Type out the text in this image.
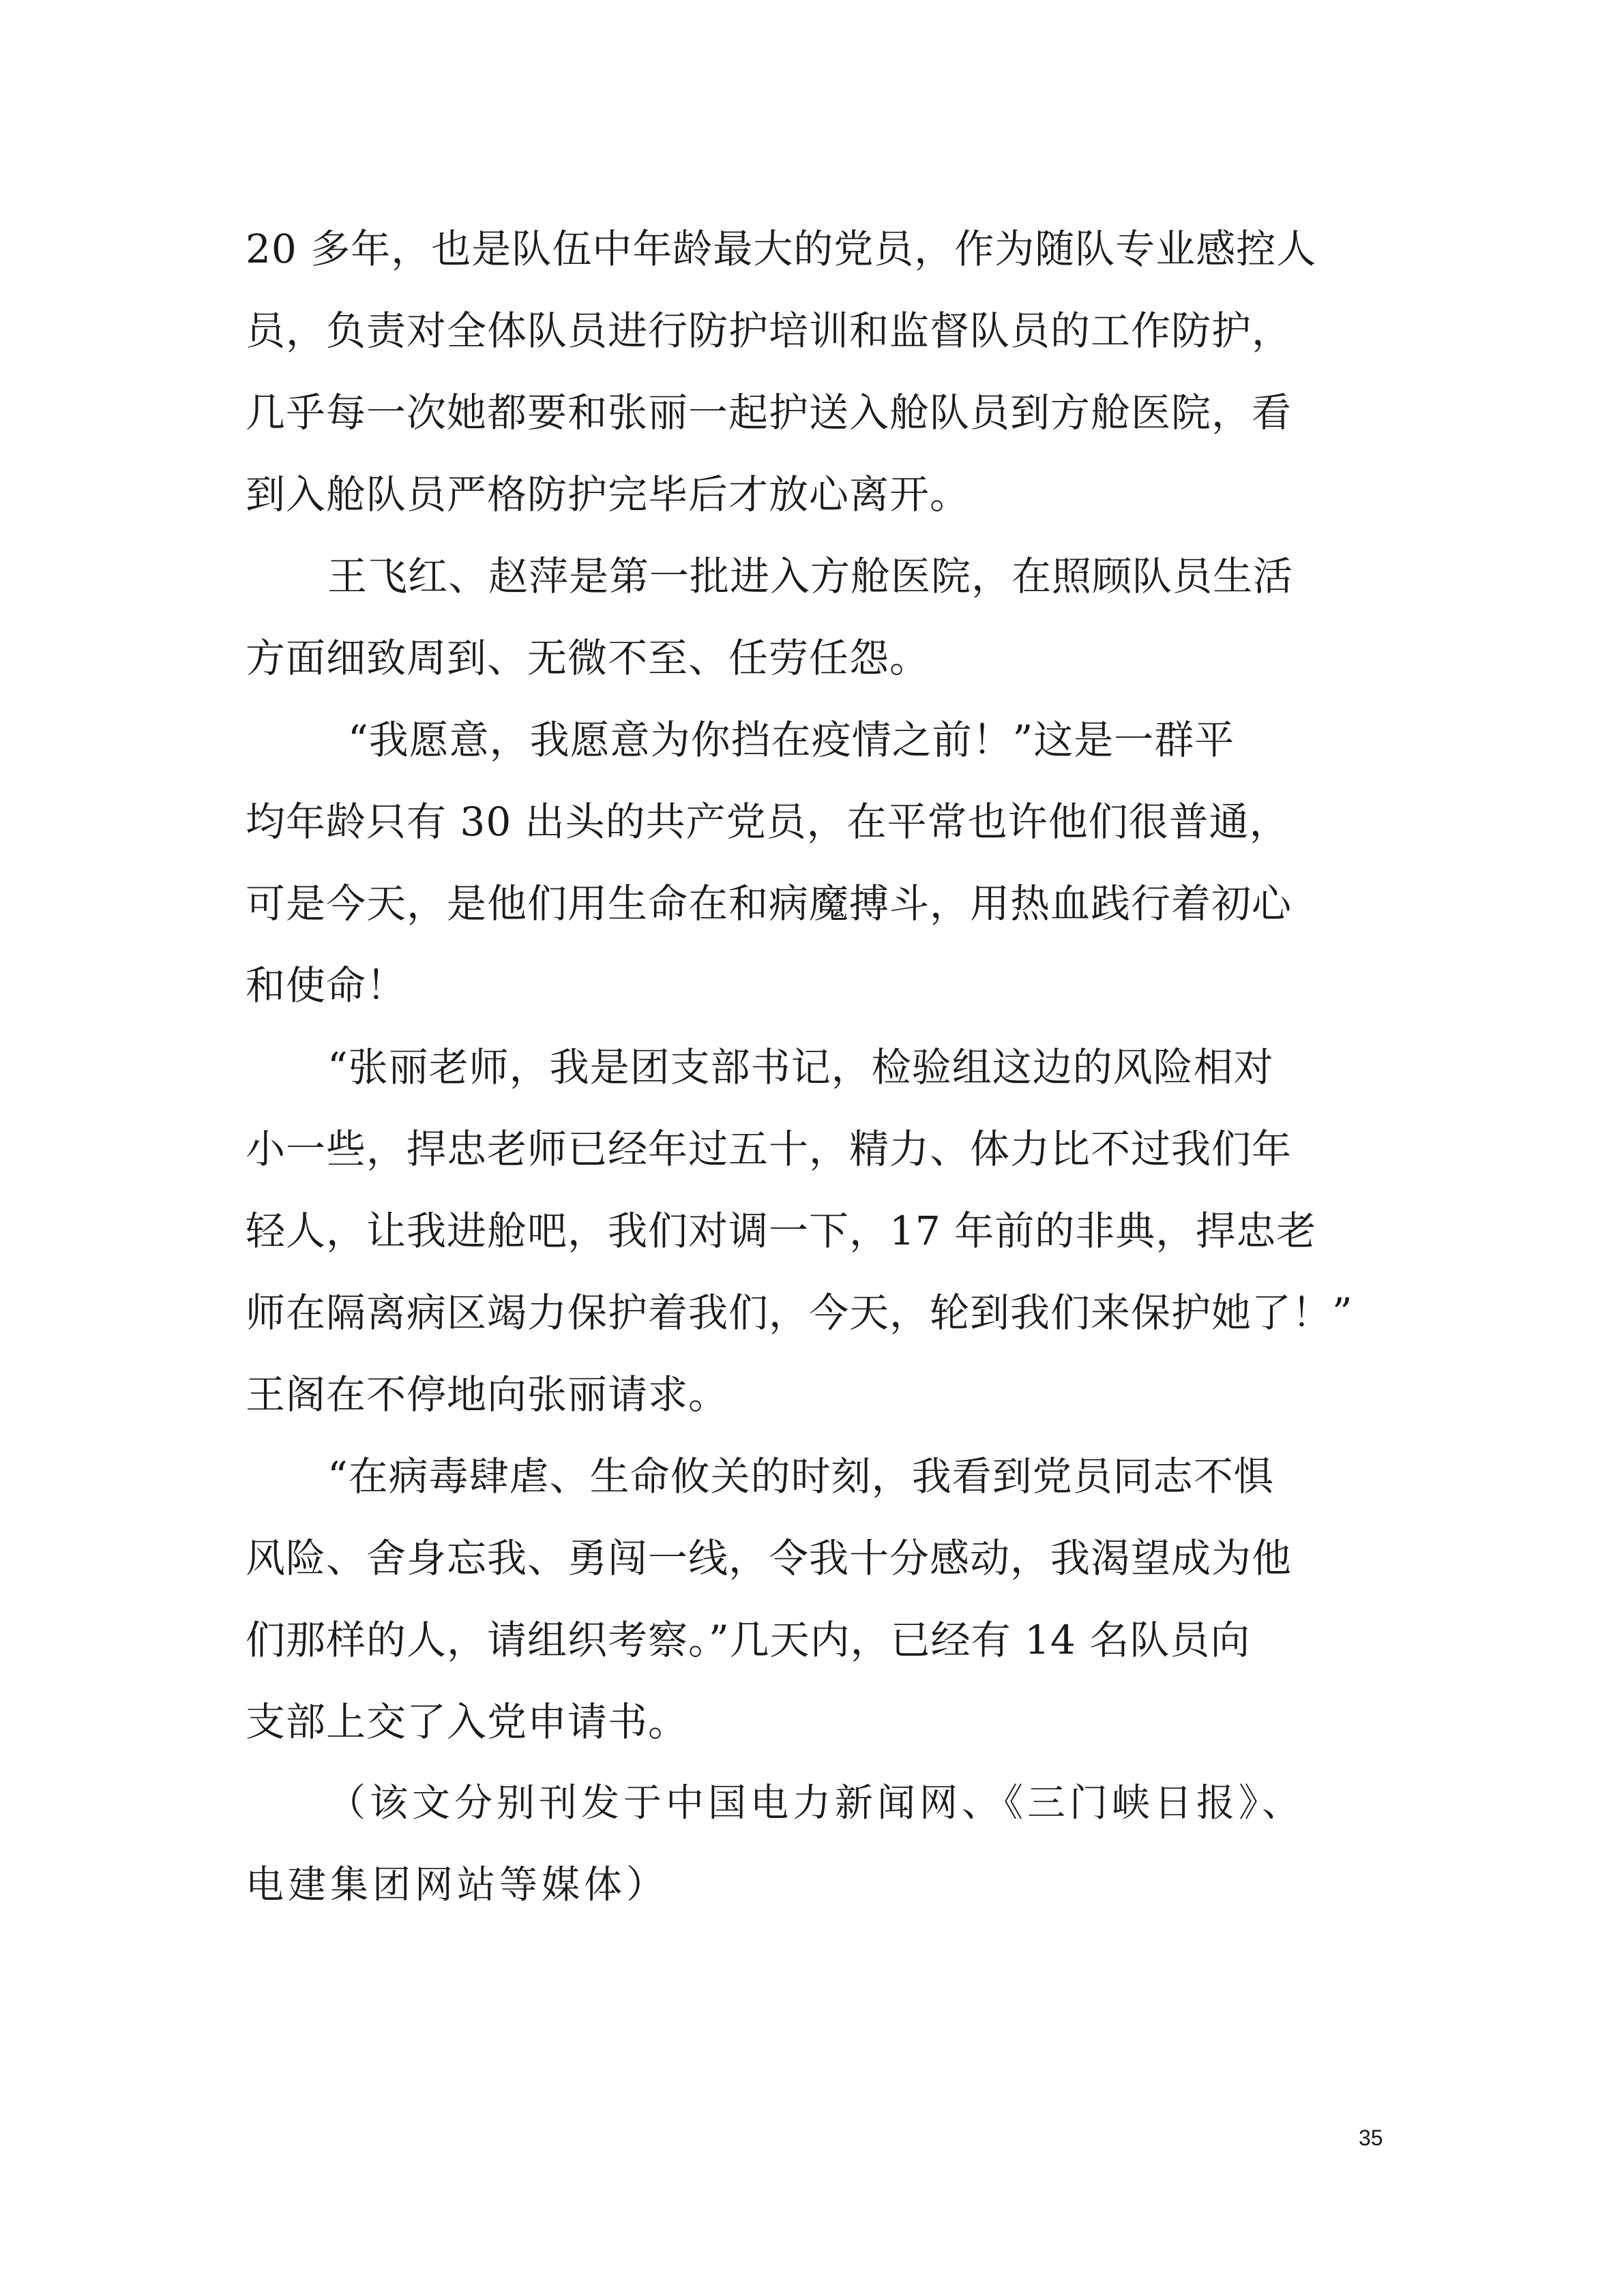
20 多年，也是队伍中年龄最大的党员，作为随队专业感控人
员，负责对全体队员进行防护培训和监督队员的工作防护，
几乎每一次她都要和张丽一起护送入舱队员到方舱医院，看
到入舱队员严格防护完毕后才放心离开。
王飞红、赵萍是第一批进入方舱医院，在照顾队员生活
方面细致周到、无微不至、任劳任怨。
“我愿意，我愿意为你挡在疫情之前！”这是一群平
均年龄只有 30 出头的共产党员，在平常也许他们很普通，
可是今天，是他们用生命在和病魔搏斗，用热血践行着初心
和使命！
“张丽老师，我是团支部书记，检验组这边的风险相对
小一些，捍忠老师已经年过五十，精力、体力比不过我们年
轻人，让我进舱吧，我们对调一下，17 年前的非典，捍忠老
师在隔离病区竭力保护着我们，今天，轮到我们来保护她了！”
王阁在不停地向张丽请求。
“在病毒肆虐、生命攸关的时刻，我看到党员同志不惧
风险、舍身忘我、勇闯一线，令我十分感动，我渴望成为他
们那样的人，请组织考察。”几天内，已经有 14 名队员向
支部上交了入党申请书。
（该文分别刊发于中国电力新闻网、《三门峡日报》、
电建集团网站等媒体）
35
